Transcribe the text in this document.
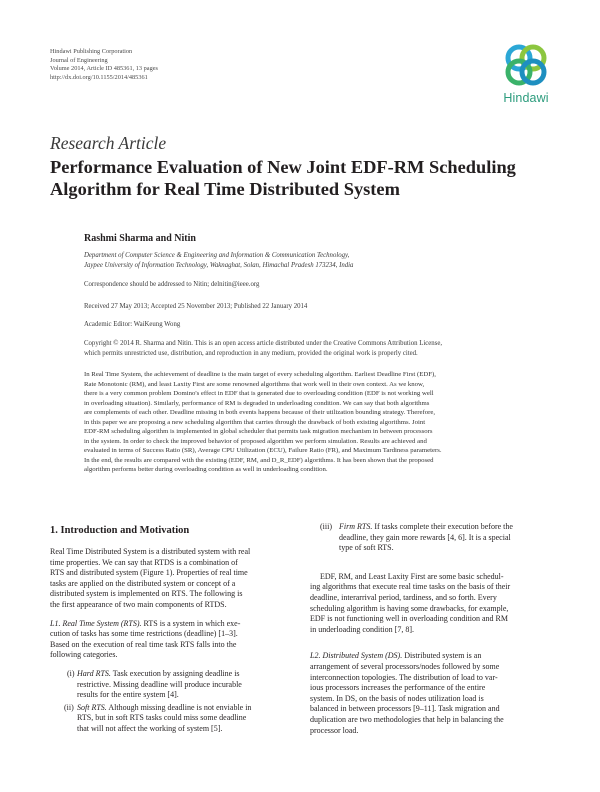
Hindawi Publishing Corporation
Journal of Engineering
Volume 2014, Article ID 485361, 13 pages
http://dx.doi.org/10.1155/2014/485361
Hindawi
Research Article
Performance Evaluation of New Joint EDF-RM Scheduling
Algorithm for Real Time Distributed System
Rashmi Sharma and Nitin
Department of Computer Science & Engineering and Information & Communication Technology,
Jaypee University of Information Technology, Waknaghat, Solan, Himachal Pradesh 173234, India
Correspondence should be addressed to Nitin; delnitin@ieee.org
Received 27 May 2013; Accepted 25 November 2013; Published 22 January 2014
Academic Editor: WaiKeung Wong
Copyright © 2014 R. Sharma and Nitin. This is an open access article distributed under the Creative Commons Attribution License,
which permits unrestricted use, distribution, and reproduction in any medium, provided the original work is properly cited.
In Real Time System, the achievement of deadline is the main target of every scheduling algorithm. Earliest Deadline First (EDF),
Rate Monotonic (RM), and least Laxity First are some renowned algorithms that work well in their own context. As we know,
there is a very common problem Domino's effect in EDF that is generated due to overloading condition (EDF is not working well
in overloading situation). Similarly, performance of RM is degraded in underloading condition. We can say that both algorithms
are complements of each other. Deadline missing in both events happens because of their utilization bounding strategy. Therefore,
in this paper we are proposing a new scheduling algorithm that carries through the drawback of both existing algorithms. Joint
EDF-RM scheduling algorithm is implemented in global scheduler that permits task migration mechanism in between processors
in the system. In order to check the improved behavior of proposed algorithm we perform simulation. Results are achieved and
evaluated in terms of Success Ratio (SR), Average CPU Utilization (ECU), Failure Ratio (FR), and Maximum Tardiness parameters.
In the end, the results are compared with the existing (EDF, RM, and D_R_EDF) algorithms. It has been shown that the proposed
algorithm performs better during overloading condition as well in underloading condition.
1. Introduction and Motivation
Real Time Distributed System is a distributed system with real
time properties. We can say that RTDS is a combination of
RTS and distributed system (Figure 1). Properties of real time
tasks are applied on the distributed system or concept of a
distributed system is implemented on RTS. The following is
the first appearance of two main components of RTDS.
L1. Real Time System (RTS). RTS is a system in which exe-
cution of tasks has some time restrictions (deadline) [1–3].
Based on the execution of real time task RTS falls into the
following categories.
(i) Hard RTS. Task execution by assigning deadline is
restrictive. Missing deadline will produce incurable
results for the entire system [4].
(ii) Soft RTS. Although missing deadline is not enviable in
RTS, but in soft RTS tasks could miss some deadline
that will not affect the working of system [5].
(iii) Firm RTS. If tasks complete their execution before the
deadline, they gain more rewards [4, 6]. It is a special
type of soft RTS.
EDF, RM, and Least Laxity First are some basic schedul-
ing algorithms that execute real time tasks on the basis of their
deadline, interarrival period, tardiness, and so forth. Every
scheduling algorithm is having some drawbacks, for example,
EDF is not functioning well in overloading condition and RM
in underloading condition [7, 8].
L2. Distributed System (DS). Distributed system is an
arrangement of several processors/nodes followed by some
interconnection topologies. The distribution of load to var-
ious processors increases the performance of the entire
system. In DS, on the basis of nodes utilization load is
balanced in between processors [9–11]. Task migration and
duplication are two methodologies that help in balancing the
processor load.
